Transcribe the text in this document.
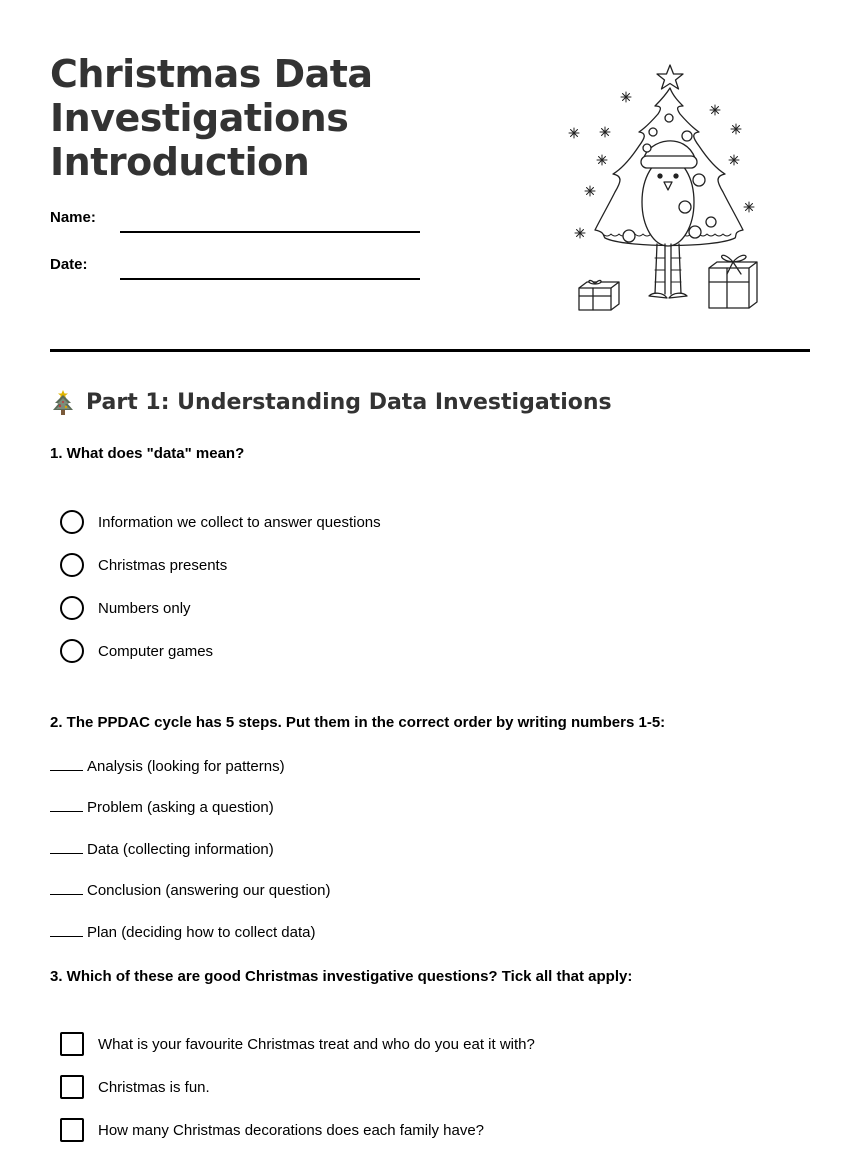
Christmas Data
Investigations
Introduction
Name:
Date:
Part 1: Understanding Data Investigations

1. What does "data" mean?

Information we collect to answer questions
Christmas presents
Numbers only
Computer games

2. The PPDAC cycle has 5 steps. Put them in the correct order by writing numbers 1-5:

Analysis (looking for patterns)
Problem (asking a question)
Data (collecting information)
Conclusion (answering our question)
Plan (deciding how to collect data)

3. Which of these are good Christmas investigative questions? Tick all that apply:

What is your favourite Christmas treat and who do you eat it with?
Christmas is fun.
How many Christmas decorations does each family have?
